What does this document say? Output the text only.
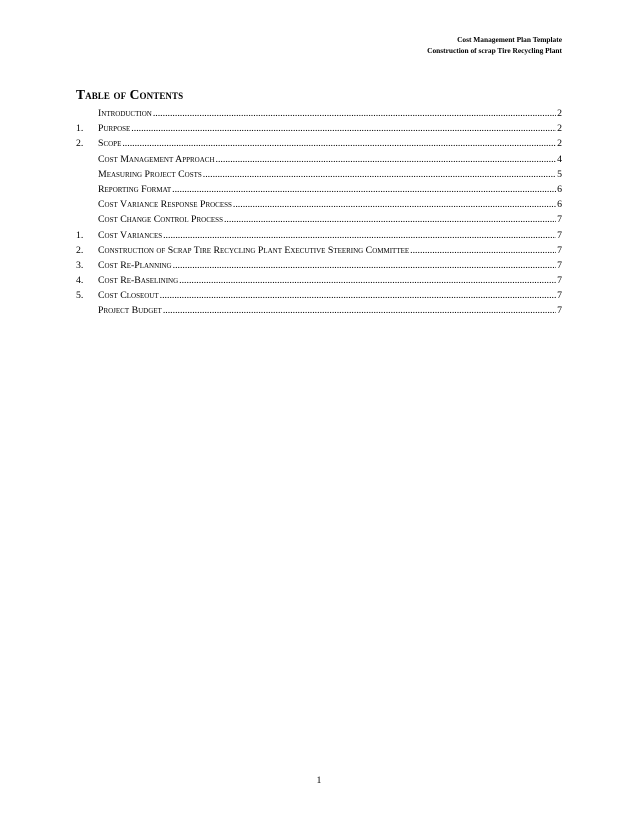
Cost Management Plan Template
Construction of scrap Tire Recycling Plant
Table of Contents
Introduction .....	2
1.	Purpose .....	2
2.	Scope .....	2
Cost Management Approach .....	4
Measuring Project Costs .....	5
Reporting Format .....	6
Cost Variance Response Process .....	6
Cost Change Control Process .....	7
1.	Cost Variances .....	7
2.	Construction of Scrap Tire Recycling Plant Executive Steering Committee .....	7
3.	Cost Re-Planning .....	7
4.	Cost Re-Baselining .....	7
5.	Cost Closeout .....	7
Project Budget .....	7
1
